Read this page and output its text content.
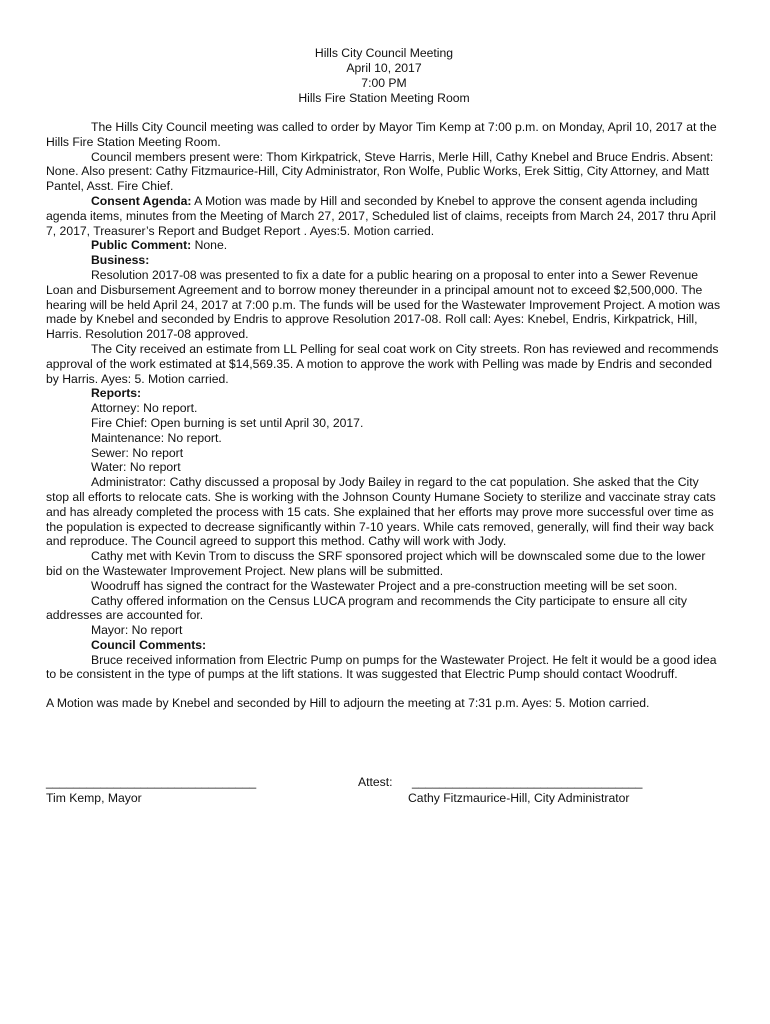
Hills City Council Meeting
April 10, 2017
7:00 PM
Hills Fire Station Meeting Room

The Hills City Council meeting was called to order by Mayor Tim Kemp at 7:00 p.m. on Monday, April 10, 2017 at the Hills Fire Station Meeting Room.

Council members present were: Thom Kirkpatrick, Steve Harris, Merle Hill, Cathy Knebel and Bruce Endris. Absent: None. Also present: Cathy Fitzmaurice-Hill, City Administrator, Ron Wolfe, Public Works, Erek Sittig, City Attorney, and Matt Pantel, Asst. Fire Chief.

Consent Agenda: A Motion was made by Hill and seconded by Knebel to approve the consent agenda including agenda items, minutes from the Meeting of March 27, 2017, Scheduled list of claims, receipts from March 24, 2017 thru April 7, 2017, Treasurer’s Report and Budget Report . Ayes:5. Motion carried.

Public Comment: None.

Business:

Resolution 2017-08 was presented to fix a date for a public hearing on a proposal to enter into a Sewer Revenue Loan and Disbursement Agreement and to borrow money thereunder in a principal amount not to exceed $2,500,000. The hearing will be held April 24, 2017 at 7:00 p.m. The funds will be used for the Wastewater Improvement Project. A motion was made by Knebel and seconded by Endris to approve Resolution 2017-08. Roll call: Ayes: Knebel, Endris, Kirkpatrick, Hill, Harris. Resolution 2017-08 approved.

The City received an estimate from LL Pelling for seal coat work on City streets. Ron has reviewed and recommends approval of the work estimated at $14,569.35. A motion to approve the work with Pelling was made by Endris and seconded by Harris. Ayes: 5. Motion carried.

Reports:

Attorney: No report.

Fire Chief: Open burning is set until April 30, 2017.

Maintenance: No report.

Sewer: No report

Water: No report

Administrator: Cathy discussed a proposal by Jody Bailey in regard to the cat population. She asked that the City stop all efforts to relocate cats. She is working with the Johnson County Humane Society to sterilize and vaccinate stray cats and has already completed the process with 15 cats. She explained that her efforts may prove more successful over time as the population is expected to decrease significantly within 7-10 years. While cats removed, generally, will find their way back and reproduce. The Council agreed to support this method. Cathy will work with Jody.

Cathy met with Kevin Trom to discuss the SRF sponsored project which will be downscaled some due to the lower bid on the Wastewater Improvement Project. New plans will be submitted.

Woodruff has signed the contract for the Wastewater Project and a pre-construction meeting will be set soon.

Cathy offered information on the Census LUCA program and recommends the City participate to ensure all city addresses are accounted for.

Mayor: No report

Council Comments:

Bruce received information from Electric Pump on pumps for the Wastewater Project. He felt it would be a good idea to be consistent in the type of pumps at the lift stations. It was suggested that Electric Pump should contact Woodruff.

A Motion was made by Knebel and seconded by Hill to adjourn the meeting at 7:31 p.m. Ayes: 5. Motion carried.

_______________________________
Tim Kemp, Mayor
Attest: __________________________________
Cathy Fitzmaurice-Hill, City Administrator
